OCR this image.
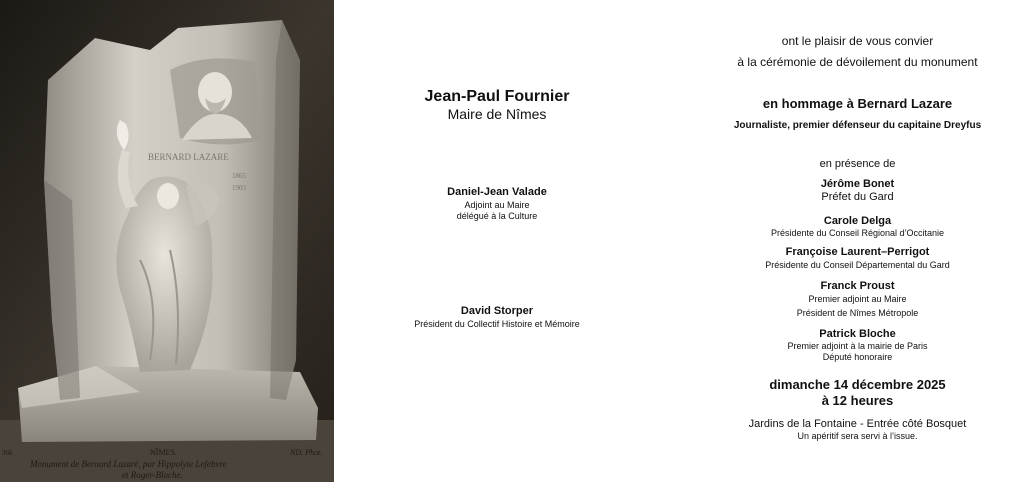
BERNARD LAZARE
1865
1903
NÎMES.	ND. Phot.
366
Monument de Bernard Lazaré, par Hippolyte Lefebvre
et Roger-Bloche.
Jean-Paul Fournier
Maire de Nîmes
Daniel-Jean Valade
Adjoint au Maire
délégué à la Culture
David Storper
Président du Collectif Histoire et Mémoire
ont le plaisir de vous convier
à la cérémonie de dévoilement du monument
en hommage à Bernard Lazare
Journaliste, premier défenseur du capitaine Dreyfus
en présence de
Jérôme Bonet
Préfet du Gard
Carole Delga
Présidente du Conseil Régional d’Occitanie
Françoise Laurent–Perrigot
Présidente du Conseil Départemental du Gard
Franck Proust
Premier adjoint au Maire
Président de Nîmes Métropole
Patrick Bloche
Premier adjoint à la mairie de Paris
Député honoraire
dimanche 14 décembre 2025
à 12 heures
Jardins de la Fontaine - Entrée côté Bosquet
Un apéritif sera servi à l’issue.
